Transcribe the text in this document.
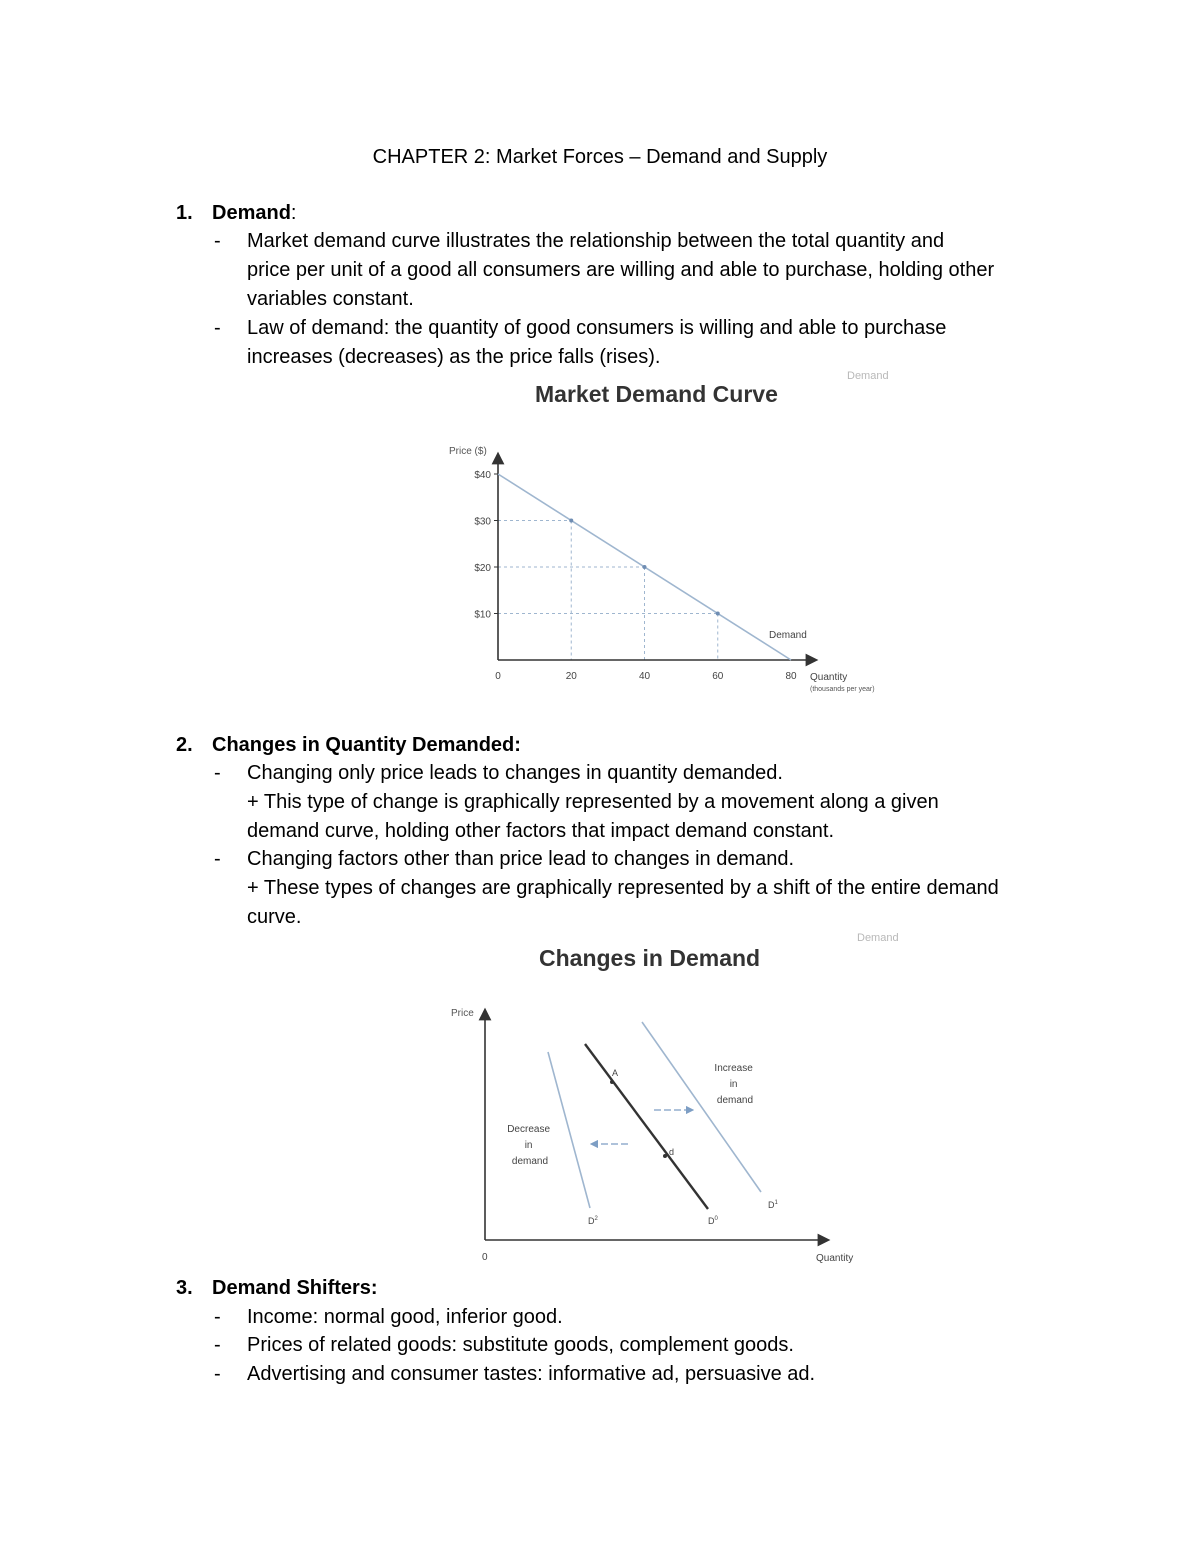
CHAPTER 2: Market Forces – Demand and Supply
1. Demand:
- Market demand curve illustrates the relationship between the total quantity and
price per unit of a good all consumers are willing and able to purchase, holding other
variables constant.
- Law of demand: the quantity of good consumers is willing and able to purchase
increases (decreases) as the price falls (rises).
Demand
Market Demand Curve
Price ($)
$10
$20
$30
$40
0	20	40	60	80
Demand
Quantity
(thousands per year)
2. Changes in Quantity Demanded:
- Changing only price leads to changes in quantity demanded.
+ This type of change is graphically represented by a movement along a given
demand curve, holding other factors that impact demand constant.
- Changing factors other than price lead to changes in demand.
+ These types of changes are graphically represented by a shift of the entire demand
curve.
Demand
Changes in Demand
Price
0	Quantity
$D^2$	$D^0$
$D^1$
A
d
Decrease in demand
Increase in demand
3. Demand Shifters:
- Income: normal good, inferior good.
- Prices of related goods: substitute goods, complement goods.
- Advertising and consumer tastes: informative ad, persuasive ad.
